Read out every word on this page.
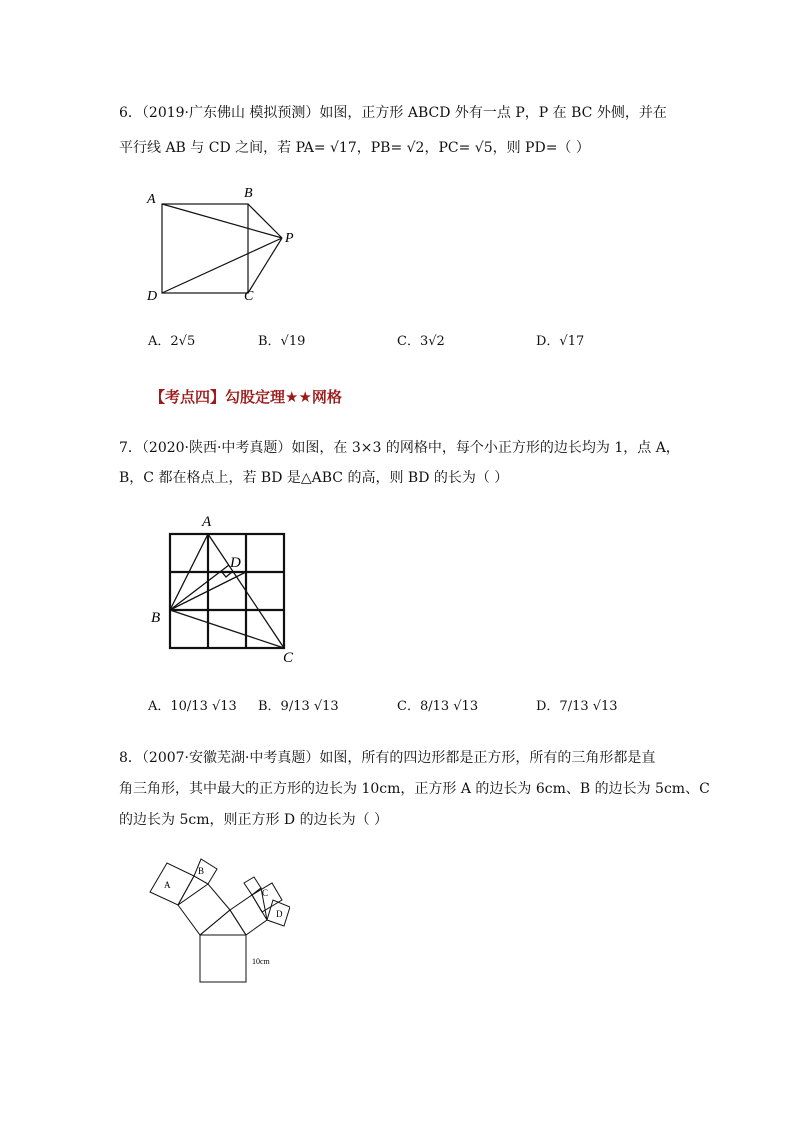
6．（2019·广东佛山 模拟预测）如图，正方形 ABCD 外有一点 P，P 在 BC 外侧，并在
平行线 AB 与 CD 之间，若 PA= √17，PB= √2，PC= √5，则 PD=（ ）
A	B
P
D	C
A．2√5	B．√19	C．3√2	D．√17
【考点四】勾股定理★★网格
7．（2020·陕西·中考真题）如图，在 3×3 的网格中，每个小正方形的边长均为 1，点 A，
B，C 都在格点上，若 BD 是△ABC 的高，则 BD 的长为（ ）
A
D
B
C
A．10/13 √13 B．9/13 √13	C．8/13 √13	D．7/13 √13
8．（2007·安徽芜湖·中考真题）如图，所有的四边形都是正方形，所有的三角形都是直
角三角形，其中最大的正方形的边长为 10cm，正方形 A 的边长为 6cm、B 的边长为 5cm、C
的边长为 5cm，则正方形 D 的边长为（ ）
A
B
C
D
10cm
